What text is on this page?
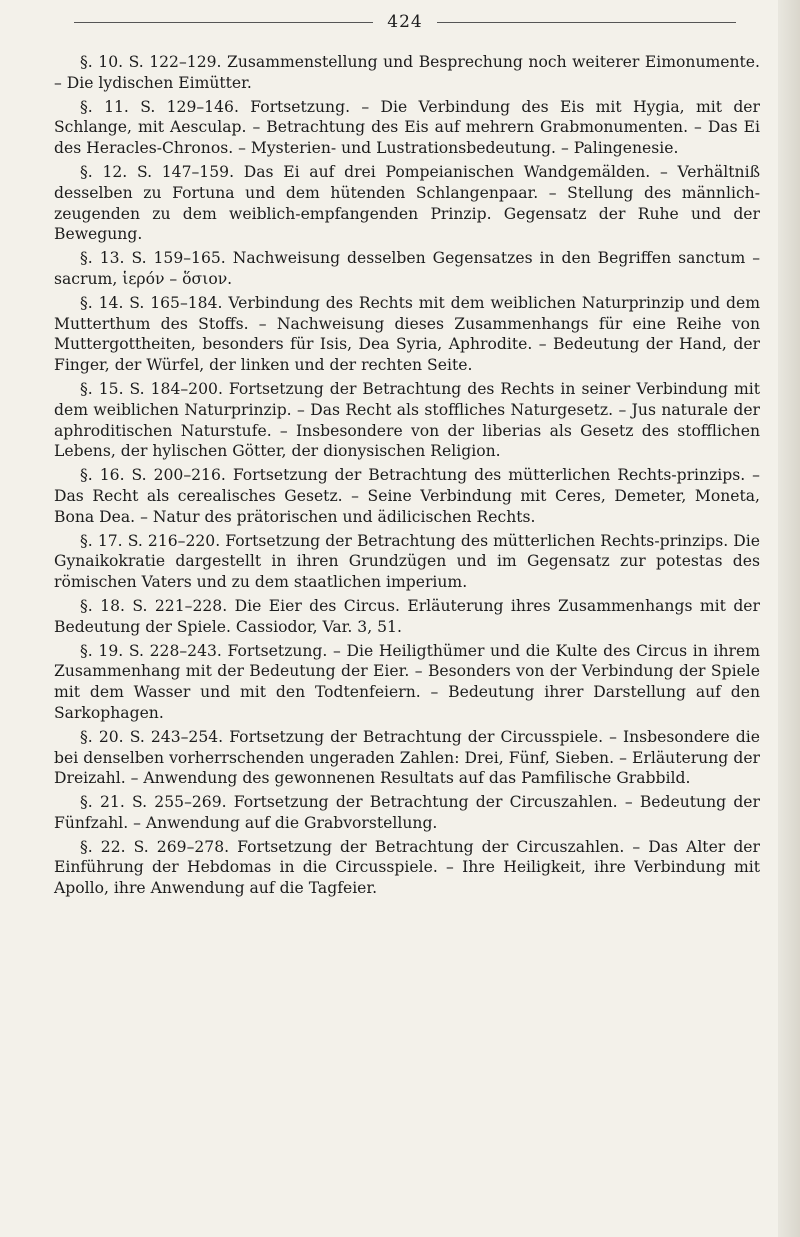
424

§. 10. S. 122–129. Zusammenstellung und Besprechung noch weiterer Eimonumente. – Die lydischen Eimütter.

§. 11. S. 129–146. Fortsetzung. – Die Verbindung des Eis mit Hygia, mit der Schlange, mit Aesculap. – Betrachtung des Eis auf mehrern Grabmonumenten. – Das Ei des Heracles-Chronos. – Mysterien- und Lustrationsbedeutung. – Palingenesie.

§. 12. S. 147–159. Das Ei auf drei Pompeianischen Wandgemälden. – Verhältniß desselben zu Fortuna und dem hütenden Schlangenpaar. – Stellung des männlich-zeugenden zu dem weiblich-empfangenden Prinzip. Gegensatz der Ruhe und der Bewegung.

§. 13. S. 159–165. Nachweisung desselben Gegensatzes in den Begriffen sanctum – sacrum, ἱερόν – ὅσιον.

§. 14. S. 165–184. Verbindung des Rechts mit dem weiblichen Naturprinzip und dem Mutterthum des Stoffs. – Nachweisung dieses Zusammenhangs für eine Reihe von Muttergottheiten, besonders für Isis, Dea Syria, Aphrodite. – Bedeutung der Hand, der Finger, der Würfel, der linken und der rechten Seite.

§. 15. S. 184–200. Fortsetzung der Betrachtung des Rechts in seiner Verbindung mit dem weiblichen Naturprinzip. – Das Recht als stoffliches Naturgesetz. – Jus naturale der aphroditischen Naturstufe. – Insbesondere von der liberias als Gesetz des stofflichen Lebens, der hylischen Götter, der dionysischen Religion.

§. 16. S. 200–216. Fortsetzung der Betrachtung des mütterlichen Rechts-prinzips. – Das Recht als cerealisches Gesetz. – Seine Verbindung mit Ceres, Demeter, Moneta, Bona Dea. – Natur des prätorischen und ädilicischen Rechts.

§. 17. S. 216–220. Fortsetzung der Betrachtung des mütterlichen Rechts-prinzips. Die Gynaikokratie dargestellt in ihren Grundzügen und im Gegensatz zur potestas des römischen Vaters und zu dem staatlichen imperium.

§. 18. S. 221–228. Die Eier des Circus. Erläuterung ihres Zusammenhangs mit der Bedeutung der Spiele. Cassiodor, Var. 3, 51.

§. 19. S. 228–243. Fortsetzung. – Die Heiligthümer und die Kulte des Circus in ihrem Zusammenhang mit der Bedeutung der Eier. – Besonders von der Verbindung der Spiele mit dem Wasser und mit den Todtenfeiern. – Bedeutung ihrer Darstellung auf den Sarkophagen.

§. 20. S. 243–254. Fortsetzung der Betrachtung der Circusspiele. – Insbesondere die bei denselben vorherrschenden ungeraden Zahlen: Drei, Fünf, Sieben. – Erläuterung der Dreizahl. – Anwendung des gewonnenen Resultats auf das Pamfilische Grabbild.

§. 21. S. 255–269. Fortsetzung der Betrachtung der Circuszahlen. – Bedeutung der Fünfzahl. – Anwendung auf die Grabvorstellung.

§. 22. S. 269–278. Fortsetzung der Betrachtung der Circuszahlen. – Das Alter der Einführung der Hebdomas in die Circusspiele. – Ihre Heiligkeit, ihre Verbindung mit Apollo, ihre Anwendung auf die Tagfeier.
